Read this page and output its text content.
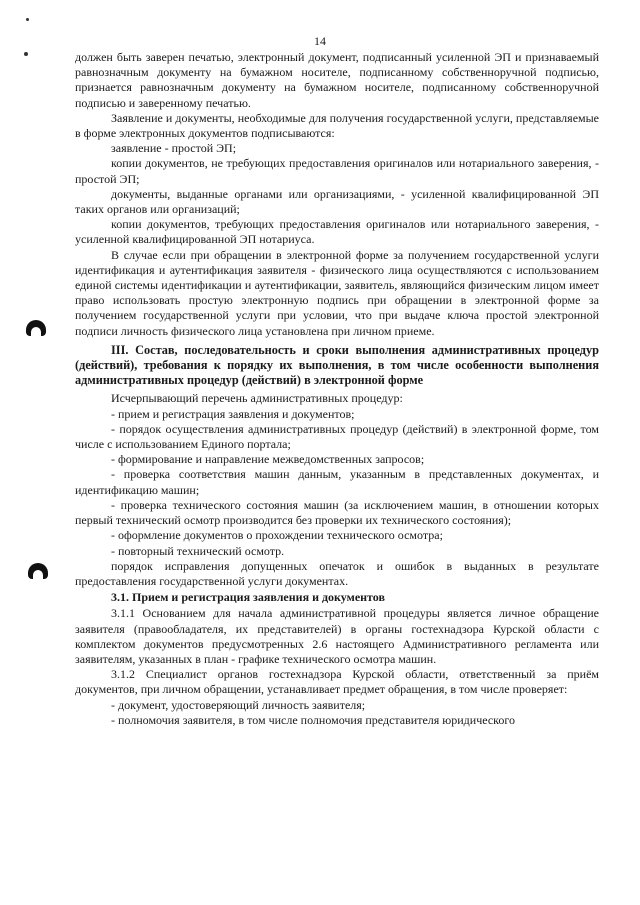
14

должен быть заверен печатью, электронный документ, подписанный усиленной ЭП и признаваемый равнозначным документу на бумажном носителе, подписанному собственноручной подписью, признается равнозначным документу на бумажном носителе, подписанному собственноручной подписью и заверенному печатью.

Заявление и документы, необходимые для получения государственной услуги, представляемые в форме электронных документов подписываются:

заявление - простой ЭП;

копии документов, не требующих предоставления оригиналов или нотариального заверения, - простой ЭП;

документы, выданные органами или организациями, - усиленной квалифицированной ЭП таких органов или организаций;

копии документов, требующих предоставления оригиналов или нотариального заверения, - усиленной квалифицированной ЭП нотариуса.

В случае если при обращении в электронной форме за получением государственной услуги идентификация и аутентификация заявителя - физического лица осуществляются с использованием единой системы идентификации и аутентификации, заявитель, являющийся физическим лицом имеет право использовать простую электронную подпись при обращении в электронной форме за получением государственной услуги при условии, что при выдаче ключа простой электронной подписи личность физического лица установлена при личном приеме.

III. Состав, последовательность и сроки выполнения административных процедур (действий), требования к порядку их выполнения, в том числе особенности выполнения административных процедур (действий) в электронной форме

Исчерпывающий перечень административных процедур:

- прием и регистрация заявления и документов;

- порядок осуществления административных процедур (действий) в электронной форме, том числе с использованием Единого портала;

- формирование и направление межведомственных запросов;

- проверка соответствия машин данным, указанным в представленных документах, и идентификацию машин;

- проверка технического состояния машин (за исключением машин, в отношении которых первый технический осмотр производится без проверки их технического состояния);

- оформление документов о прохождении технического осмотра;

- повторный технический осмотр.

порядок исправления допущенных опечаток и ошибок в выданных в результате предоставления государственной услуги документах.

3.1. Прием и регистрация заявления и документов

3.1.1 Основанием для начала административной процедуры является личное обращение заявителя (правообладателя, их представителей) в органы гостехнадзора Курской области с комплектом документов предусмотренных 2.6 настоящего Административного регламента или заявителям, указанных в план - графике технического осмотра машин.

3.1.2 Специалист органов гостехнадзора Курской области, ответственный за приём документов, при личном обращении, устанавливает предмет обращения, в том числе проверяет:

- документ, удостоверяющий личность заявителя;

- полномочия заявителя, в том числе полномочия представителя юридического
